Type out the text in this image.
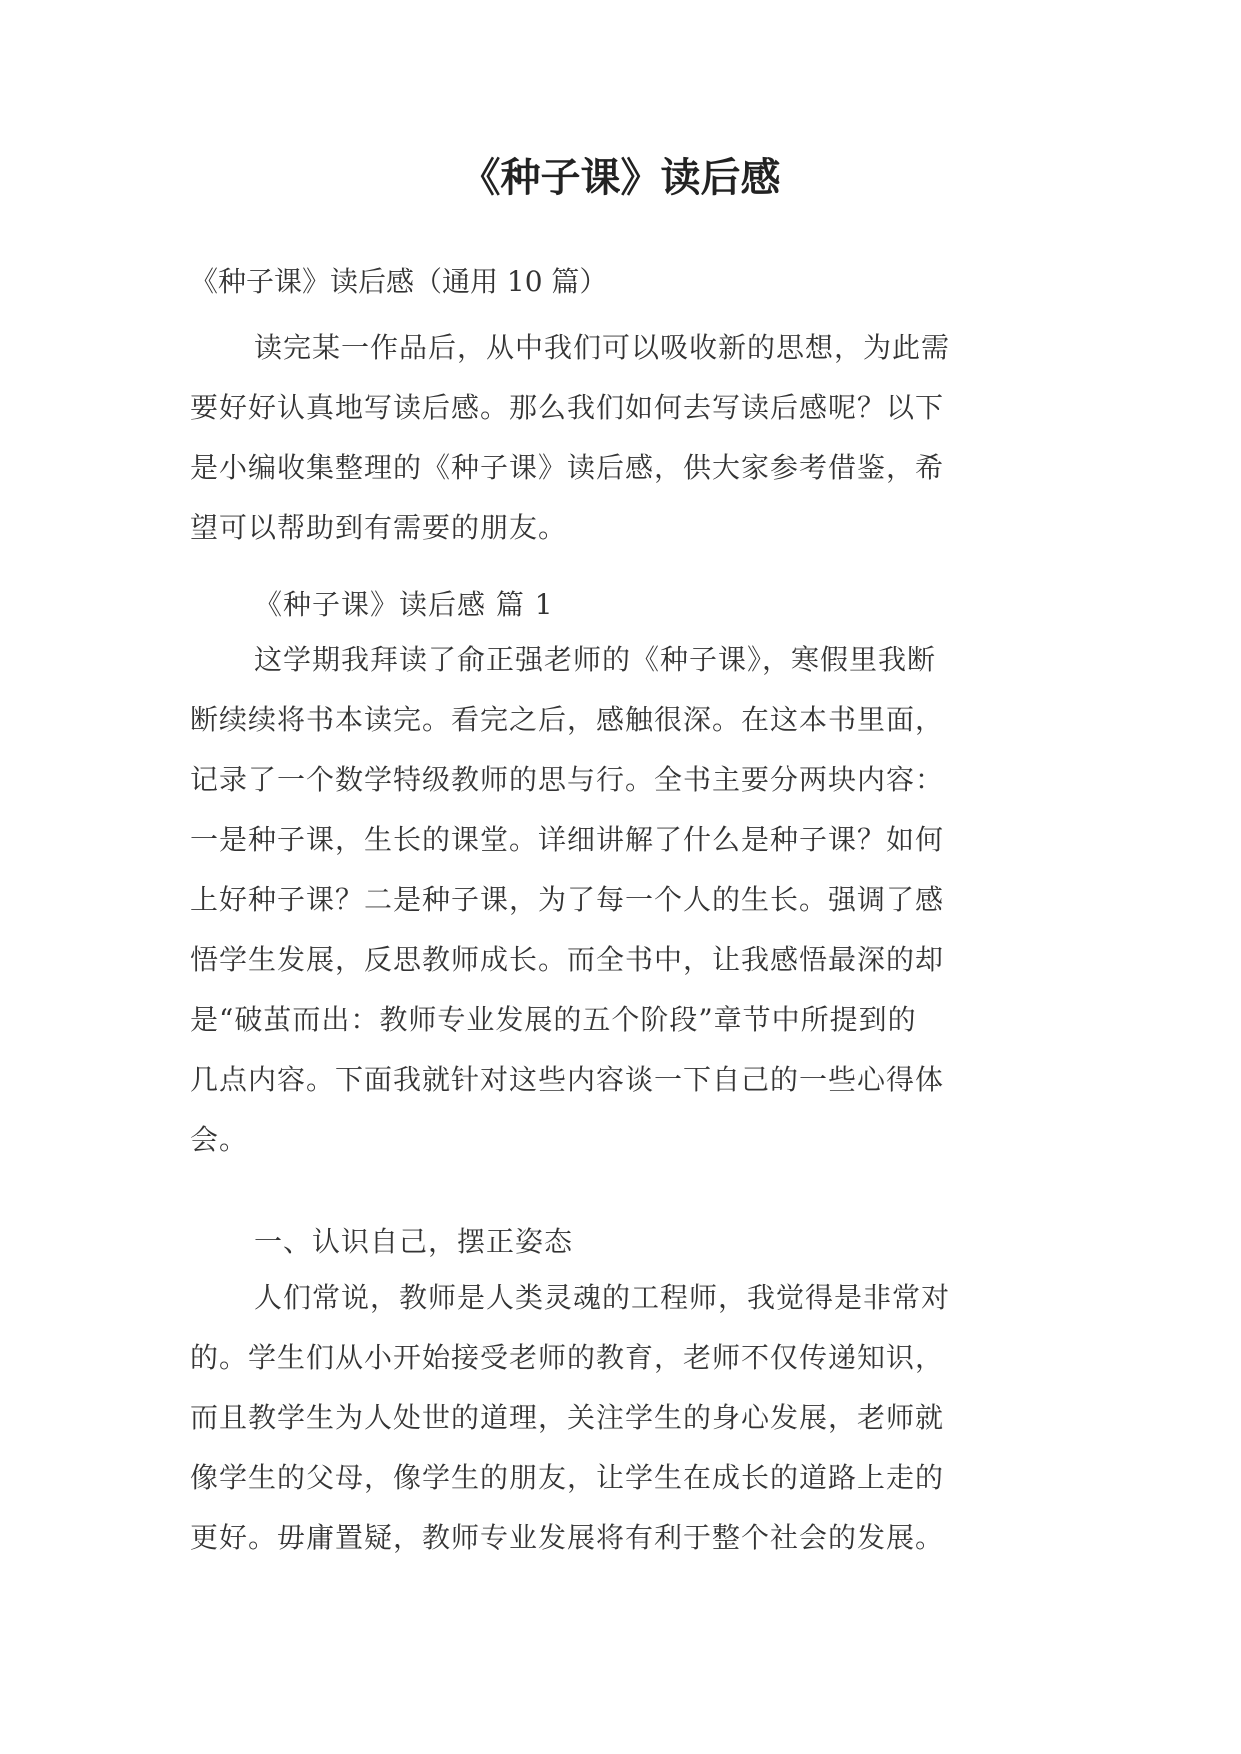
《种子课》读后感

《种子课》读后感（通用 10 篇）

读完某一作品后，从中我们可以吸收新的思想，为此需
要好好认真地写读后感。那么我们如何去写读后感呢？以下
是小编收集整理的《种子课》读后感，供大家参考借鉴，希
望可以帮助到有需要的朋友。

《种子课》读后感 篇 1

这学期我拜读了俞正强老师的《种子课》，寒假里我断
断续续将书本读完。看完之后，感触很深。在这本书里面，
记录了一个数学特级教师的思与行。全书主要分两块内容：
一是种子课，生长的课堂。详细讲解了什么是种子课？如何
上好种子课？二是种子课，为了每一个人的生长。强调了感
悟学生发展，反思教师成长。而全书中，让我感悟最深的却
是“破茧而出：教师专业发展的五个阶段”章节中所提到的
几点内容。下面我就针对这些内容谈一下自己的一些心得体
会。

一、认识自己，摆正姿态

人们常说，教师是人类灵魂的工程师，我觉得是非常对
的。学生们从小开始接受老师的教育，老师不仅传递知识，
而且教学生为人处世的道理，关注学生的身心发展，老师就
像学生的父母，像学生的朋友，让学生在成长的道路上走的
更好。毋庸置疑，教师专业发展将有利于整个社会的发展。
